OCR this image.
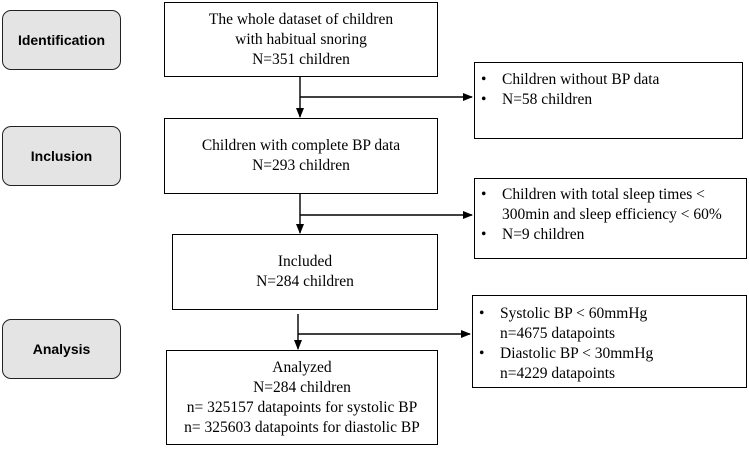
Identification
Inclusion
Analysis
The whole dataset of children
with habitual snoring
N=351 children
Children with complete BP data
N=293 children
Included
N=284 children
Analyzed
N=284 children
n= 325157 datapoints for systolic BP
n= 325603 datapoints for diastolic BP
• Children without BP data
• N=58 children
• Children with total sleep times <
300min and sleep efficiency < 60%
• N=9 children
• Systolic BP < 60mmHg
n=4675 datapoints
• Diastolic BP < 30mmHg
n=4229 datapoints
